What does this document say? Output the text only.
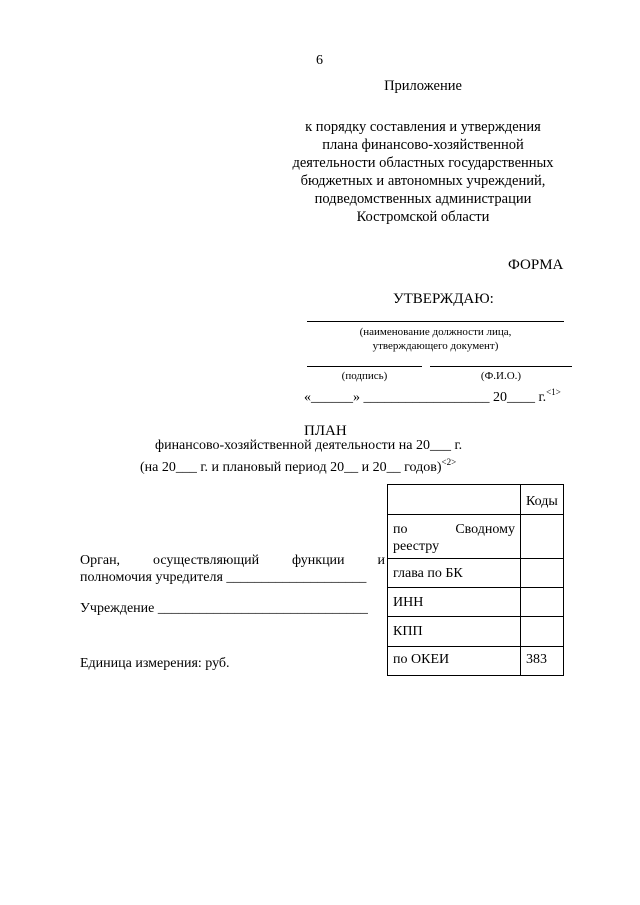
6
Приложение
к порядку составления и утверждения
плана финансово-хозяйственной
деятельности областных государственных
бюджетных и автономных учреждений,
подведомственных администрации
Костромской области
ФОРМА
УТВЕРЖДАЮ:
(наименование должности лица,
утверждающего документ)
(подпись)	(Ф.И.О.)
«______» __________________ 20____ г.$^{<1>}$
ПЛАН
финансово-хозяйственной деятельности на 20___ г.
(на 20___ г. и плановый период 20__ и 20__ годов)$^{<2>}$
Орган, осуществляющий функции и
полномочия учредителя ____________________
Учреждение ______________________________
Единица измерения: руб.
	Коды

по Сводному
реестру	

глава по БК	
ИНН	
КПП	
по ОКЕИ	383
